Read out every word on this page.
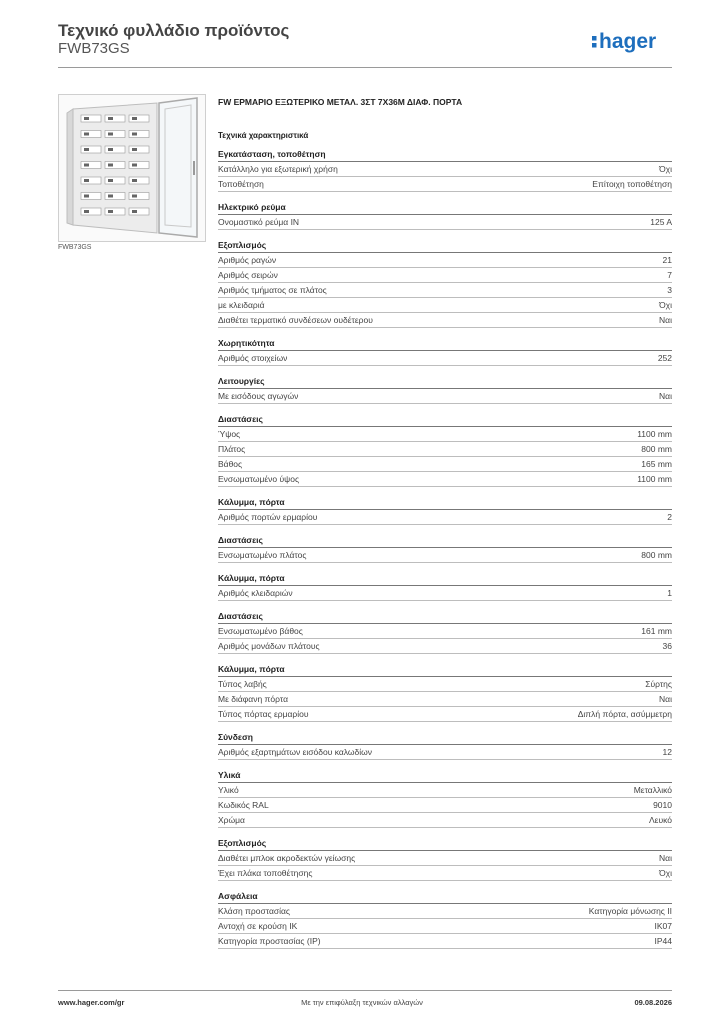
Τεχνικό φυλλάδιο προϊόντος
FWB73GS	hager
FWB73GS
FW ΕΡΜΑΡΙΟ ΕΞΩΤΕΡΙΚΟ ΜΕΤΑΛ. 3ΣΤ 7Χ36Μ ΔΙΑΦ. ΠΟΡΤΑ
Τεχνικά χαρακτηριστικά
Εγκατάσταση, τοποθέτηση
Κατάλληλο για εξωτερική χρήση	Όχι
Τοποθέτηση	Επίτοιχη τοποθέτηση
Ηλεκτρικό ρεύμα
Ονομαστικό ρεύμα IN	125 A
Εξοπλισμός
Αριθμός ραγών	21
Αριθμός σειρών	7
Αριθμός τμήματος σε πλάτος	3
με κλειδαριά	Όχι
Διαθέτει τερματικό συνδέσεων ουδέτερου	Ναι
Χωρητικότητα
Αριθμός στοιχείων	252
Λειτουργίες
Με εισόδους αγωγών	Ναι
Διαστάσεις
Ύψος	1100 mm
Πλάτος	800 mm
Βάθος	165 mm
Ενσωματωμένο ύψος	1100 mm
Κάλυμμα, πόρτα
Αριθμός πορτών ερμαρίου	2
Διαστάσεις
Ενσωματωμένο πλάτος	800 mm
Κάλυμμα, πόρτα
Αριθμός κλειδαριών	1
Διαστάσεις
Ενσωματωμένο βάθος	161 mm
Αριθμός μονάδων πλάτους	36
Κάλυμμα, πόρτα
Τύπος λαβής	Σύρτης
Με διάφανη πόρτα	Ναι
Τύπος πόρτας ερμαρίου	Διπλή πόρτα, ασύμμετρη
Σύνδεση
Αριθμός εξαρτημάτων εισόδου καλωδίων	12
Υλικά
Υλικό	Μεταλλικό
Κωδικός RAL	9010
Χρώμα	Λευκό
Εξοπλισμός
Διαθέτει μπλοκ ακροδεκτών γείωσης	Ναι
Έχει πλάκα τοποθέτησης	Όχι
Ασφάλεια
Κλάση προστασίας	Κατηγορία μόνωσης II
Αντοχή σε κρούση IK	IK07
Κατηγορία προστασίας (IP)	IP44
www.hager.com/gr	Με την επιφύλαξη τεχνικών αλλαγών	09.08.2026
